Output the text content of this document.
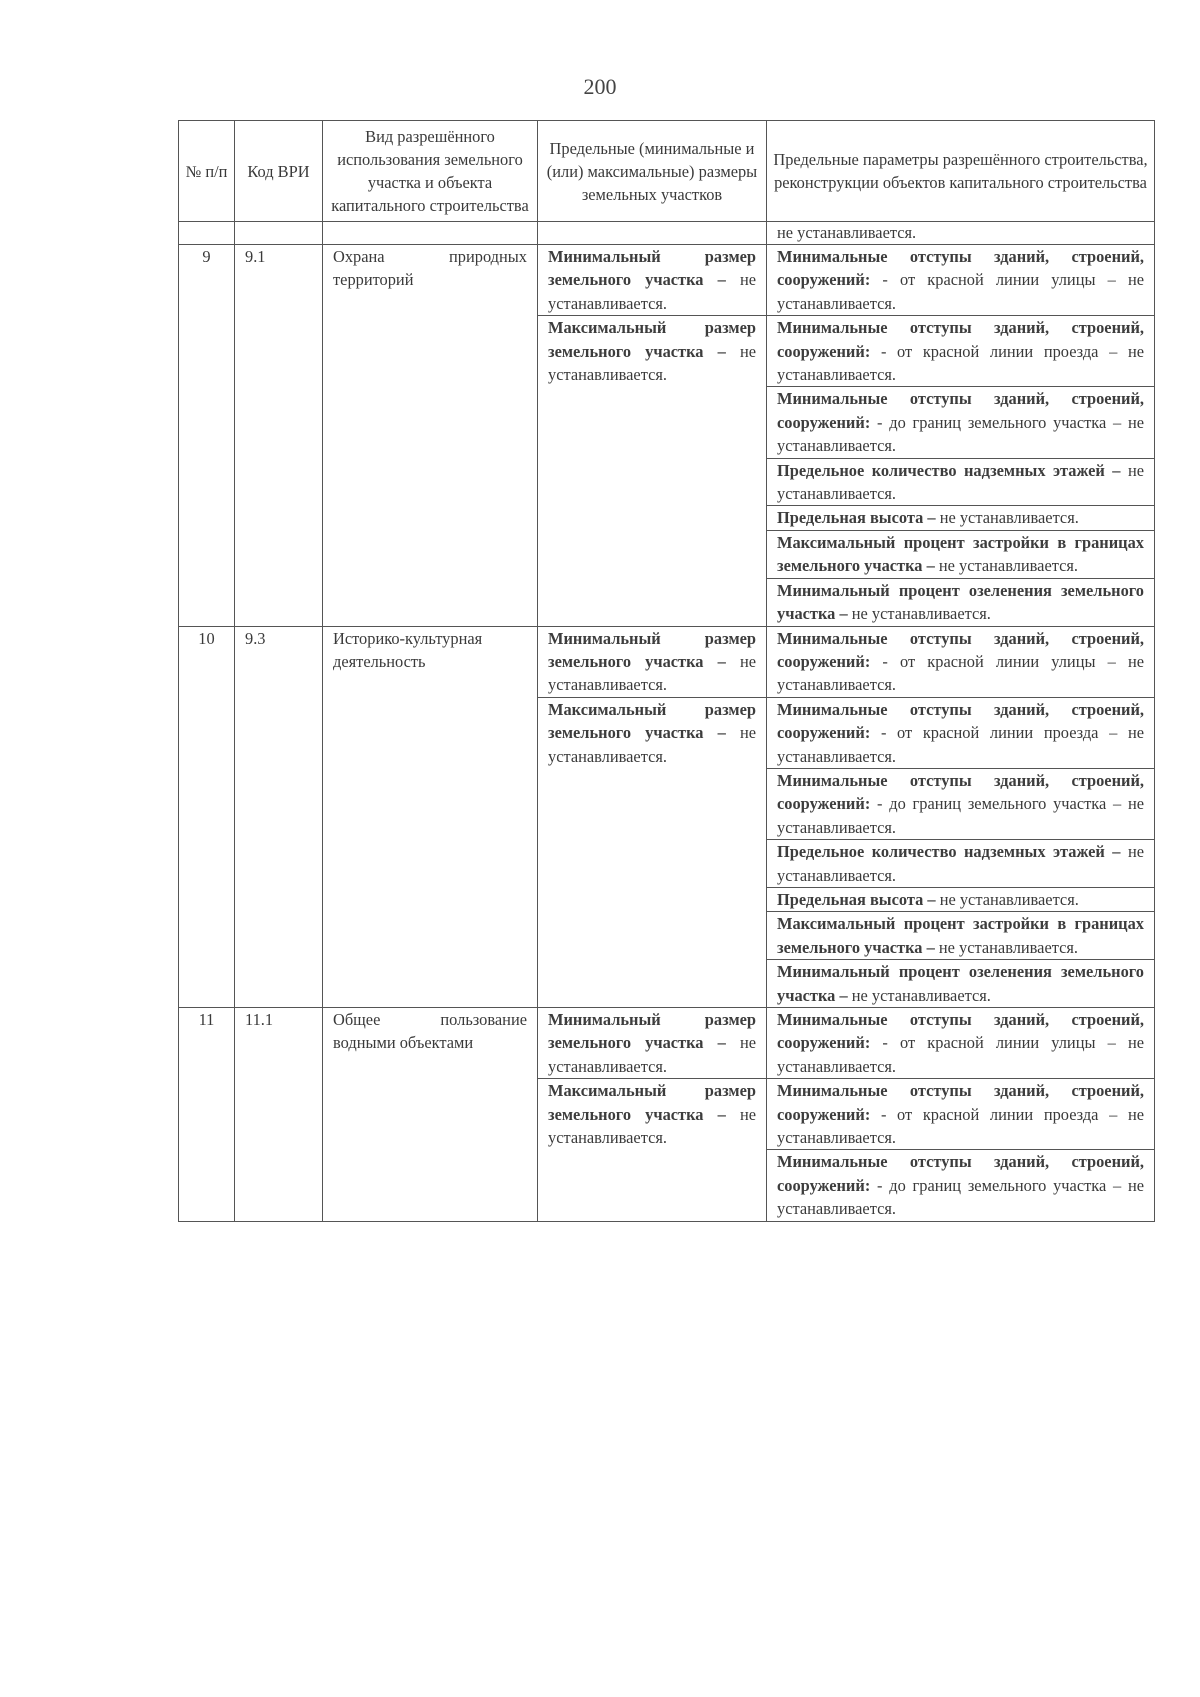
200
№ п/п	Код ВРИ	Вид разрешённого использования земельного участка и объекта капитального строительства	Предельные (минимальные и (или) максимальные) размеры земельных участков	Предельные параметры разрешённого строительства, реконструкции объектов капитального строительства
				не устанавливается.
9	9.1	Охрана природных территорий	Минимальный размер земельного участка – не устанавливается.	Минимальные отступы зданий, строений, сооружений: - от красной линии улицы – не устанавливается.
			Максимальный размер земельного участка – не устанавливается.	Минимальные отступы зданий, строений, сооружений: - от красной линии проезда – не устанавливается.
				Минимальные отступы зданий, строений, сооружений: - до границ земельного участка – не устанавливается.
				Предельное количество надземных этажей – не устанавливается.
				Предельная высота – не устанавливается.
				Максимальный процент застройки в границах земельного участка – не устанавливается.
				Минимальный процент озеленения земельного участка – не устанавливается.
10	9.3	Историко-культурная деятельность	Минимальный размер земельного участка – не устанавливается.	Минимальные отступы зданий, строений, сооружений: - от красной линии улицы – не устанавливается.
			Максимальный размер земельного участка – не устанавливается.	Минимальные отступы зданий, строений, сооружений: - от красной линии проезда – не устанавливается.
				Минимальные отступы зданий, строений, сооружений: - до границ земельного участка – не устанавливается.
				Предельное количество надземных этажей – не устанавливается.
				Предельная высота – не устанавливается.
				Максимальный процент застройки в границах земельного участка – не устанавливается.
				Минимальный процент озеленения земельного участка – не устанавливается.
11	11.1	Общее пользование водными объектами	Минимальный размер земельного участка – не устанавливается.	Минимальные отступы зданий, строений, сооружений: - от красной линии улицы – не устанавливается.
			Максимальный размер земельного участка – не устанавливается.	Минимальные отступы зданий, строений, сооружений: - от красной линии проезда – не устанавливается.
				Минимальные отступы зданий, строений, сооружений: - до границ земельного участка – не устанавливается.
